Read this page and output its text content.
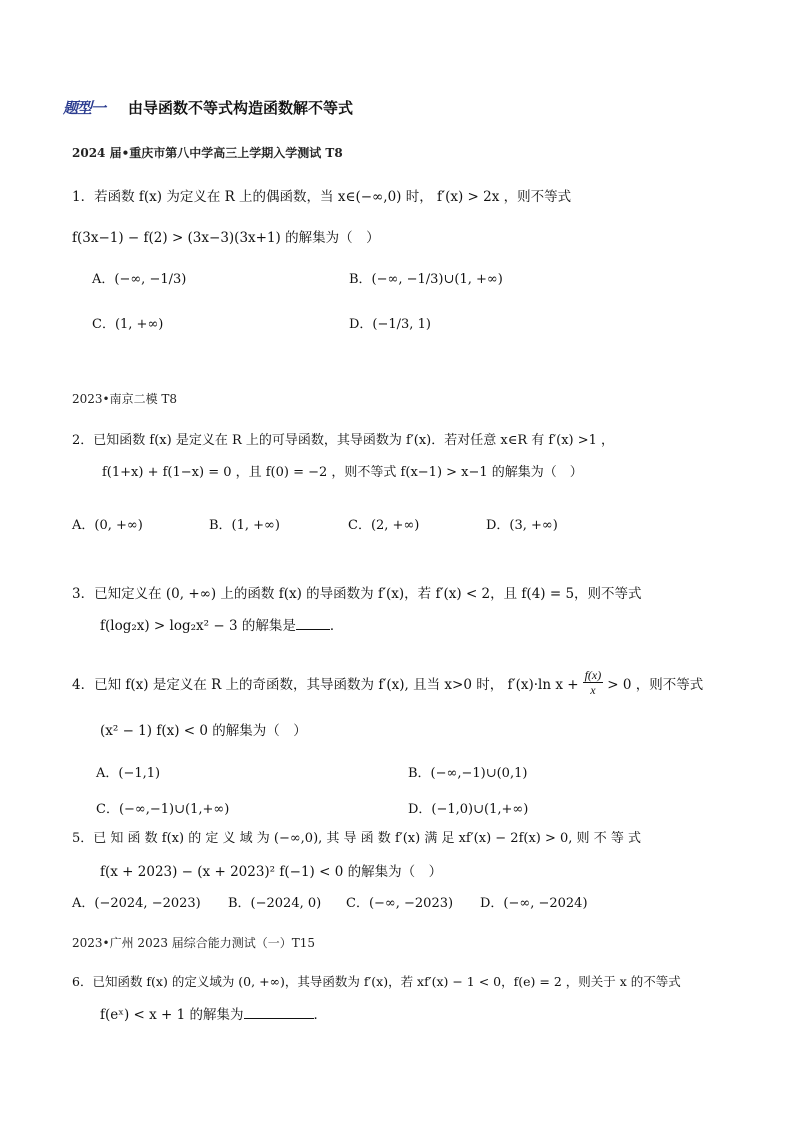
题型一 由导函数不等式构造函数解不等式
2024 届•重庆市第八中学高三上学期入学测试 T8
1．若函数 f(x) 为定义在 R 上的偶函数，当 x∈(−∞,0) 时， f′(x) > 2x ，则不等式
f(3x−1) − f(2) > (3x−3)(3x+1) 的解集为（　）
A．(−∞, −1/3)	B．(−∞, −1/3)∪(1, +∞)
C．(1, +∞)	D．(−1/3, 1)
2023•南京二模 T8
2．已知函数 f(x) 是定义在 R 上的可导函数，其导函数为 f′(x)．若对任意 x∈R 有 f′(x) >1 ，
f(1+x) + f(1−x) = 0 ，且 f(0) = −2 ，则不等式 f(x−1) > x−1 的解集为（　）
A．(0, +∞)	B．(1, +∞)	C．(2, +∞)	D．(3, +∞)
3．已知定义在 (0, +∞) 上的函数 f(x) 的导函数为 f′(x)，若 f′(x) < 2，且 f(4) = 5，则不等式
f(log₂x) > log₂x² − 3 的解集是	．
4．已知 f(x) 是定义在 R 上的奇函数，其导函数为 f′(x), 且当 x>0 时， f′(x)·ln $x + \frac{f(x)}{x} > 0$ ，则不等式
(x² − 1) f(x) < 0 的解集为（　）
A．(−1,1)	B．(−∞,−1)∪(0,1)
C．(−∞,−1)∪(1,+∞)	D．(−1,0)∪(1,+∞)
5．已 知 函 数 f(x) 的 定 义 域 为 (−∞,0), 其 导 函 数 f′(x) 满 足 xf′(x) − 2f(x) > 0, 则 不 等 式
f(x + 2023) − (x + 2023)² f(−1) < 0 的解集为（　）
A．(−2024, −2023) B．(−2024, 0) C．(−∞, −2023) D．(−∞, −2024)
2023•广州 2023 届综合能力测试（一）T15
6．已知函数 f(x) 的定义域为 (0, +∞)，其导函数为 f′(x)，若 xf′(x) − 1 < 0，f(e) = 2 ，则关于 x 的不等式
f(eˣ) < x + 1 的解集为	．
